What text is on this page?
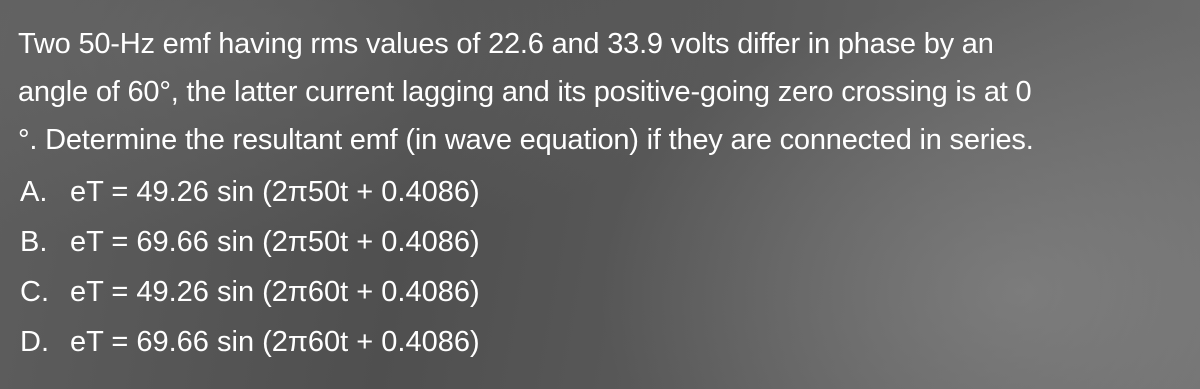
Two 50-Hz emf having rms values of 22.6 and 33.9 volts differ in phase by an

angle of 60°, the latter current lagging and its positive-going zero crossing is at 0

°. Determine the resultant emf (in wave equation) if they are connected in series.

A. eT = 49.26 sin (2π50t + 0.4086)
B. eT = 69.66 sin (2π50t + 0.4086)
C. eT = 49.26 sin (2π60t + 0.4086)
D. eT = 69.66 sin (2π60t + 0.4086)
